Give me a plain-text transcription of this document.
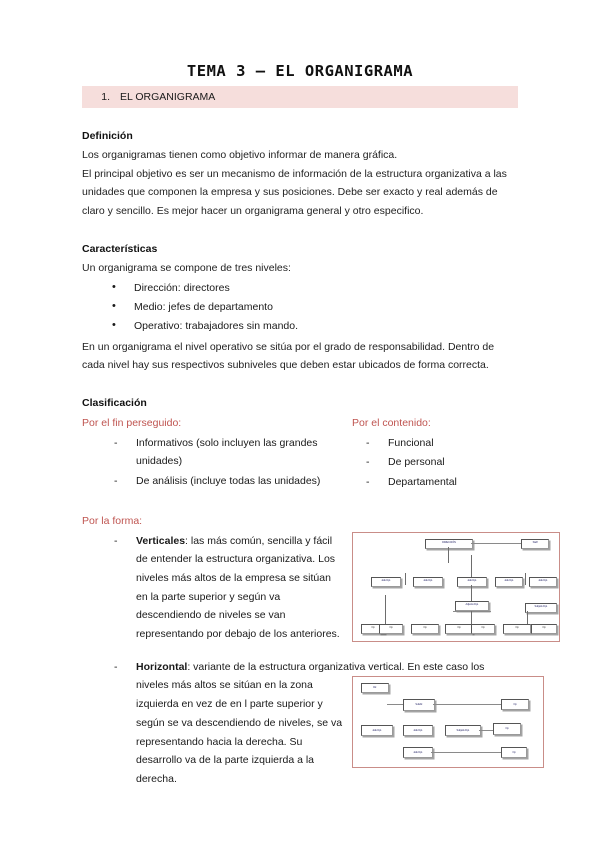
TEMA 3 – EL ORGANIGRAMA
1. EL ORGANIGRAMA
Definición

Los organigramas tienen como objetivo informar de manera gráfica.

El principal objetivo es ser un mecanismo de información de la estructura organizativa a las unidades que componen la empresa y sus posiciones. Debe ser exacto y real además de claro y sencillo. Es mejor hacer un organigrama general y otro especifico.

Características

Un organigrama se compone de tres niveles:

• Dirección: directores
• Medio: jefes de departamento
• Operativo: trabajadores sin mando.

En un organigrama el nivel operativo se sitúa por el grado de responsabilidad. Dentro de cada nivel hay sus respectivos subniveles que deben estar ubicados de forma correcta.

Clasificación
Por el fin perseguido:
- Informativos (solo incluyen las grandes unidades)
- De análisis (incluye todas las unidades)
Por el contenido:
- Funcional
- De personal
- Departamental
Por la forma:
- Verticales: las más común, sencilla y fácil de entender la estructura organizativa. Los niveles más altos de la empresa se sitúan en la parte superior y según va descendiendo de niveles se van representando por debajo de los anteriores.
DIRECCIÓN	Staff
Jefe Dpt.	Jefe Dpt.	Jefe Dpt.	Jefe Dpt.	Jefe Dpt.
Adjunto Dpt.
Subjefe Dpt.
Op	Op	Op	Op	Op	Op	Op
- Horizontal: variante de la estructura organizativa vertical. En este caso los
niveles más altos se sitúan en la zona izquierda en vez de en l parte superior y según se va descendiendo de niveles, se va representando hacia la derecha. Su desarrollo va de la parte izquierda a la derecha.
Dir.
Subdir.	Op
Jefe Dpt.	Jefe Dpt.	Subjefe Dpt.	Op
Jefe Dpt.	Op
